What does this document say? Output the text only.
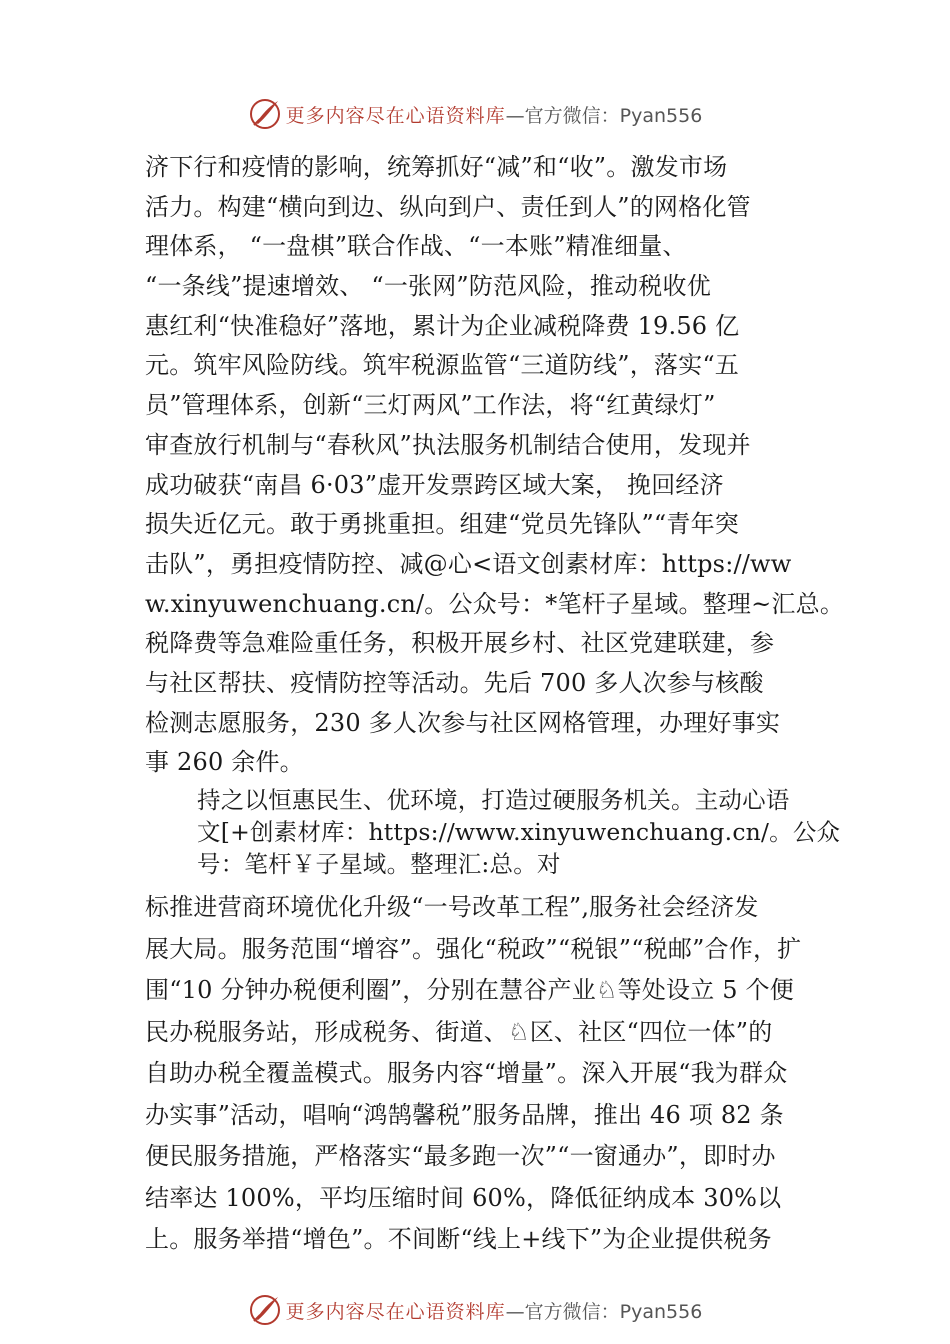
更多内容尽在心语资料库 —官方微信：Pyan556
济下行和疫情的影响，统筹抓好“减”和“收”。激发市场
活力。构建“横向到边、纵向到户、责任到人”的网格化管
理体系， “一盘棋”联合作战、“一本账”精准细量、
“一条线”提速增效、 “一张网”防范风险，推动税收优
惠红利“快准稳好”落地，累计为企业减税降费 19.56 亿
元。筑牢风险防线。筑牢税源监管“三道防线”，落实“五
员”管理体系，创新“三灯两风”工作法，将“红黄绿灯”
审查放行机制与“春秋风”执法服务机制结合使用，发现并
成功破获“南昌 6·03”虚开发票跨区域大案， 挽回经济
损失近亿元。敢于勇挑重担。组建“党员先锋队”“青年突
击队”，勇担疫情防控、减@心<语文创素材库：https://ww
w.xinyuwenchuang.cn/。公众号：*笔杆子星域。整理~汇总。
税降费等急难险重任务，积极开展乡村、社区党建联建，参
与社区帮扶、疫情防控等活动。先后 700 多人次参与核酸
检测志愿服务，230 多人次参与社区网格管理，办理好事实
事 260 余件。
持之以恒惠民生、优环境，打造过硬服务机关。主动心语
文[+创素材库：https://www.xinyuwenchuang.cn/。公众
号：笔杆￥子星域。整理汇:总。对
标推进营商环境优化升级“一号改革工程”,服务社会经济发
展大局。服务范围“增容”。强化“税政”“税银”“税邮”合作，扩
围“10 分钟办税便利圈”，分别在慧谷产业♘等处设立 5 个便
民办税服务站，形成税务、街道、♘区、社区“四位一体”的
自助办税全覆盖模式。服务内容“增量”。深入开展“我为群众
办实事”活动，唱响“鸿鹄馨税”服务品牌，推出 46 项 82 条
便民服务措施，严格落实“最多跑一次”“一窗通办”，即时办
结率达 100%，平均压缩时间 60%，降低征纳成本 30%以
上。服务举措“增色”。不间断“线上+线下”为企业提供税务
更多内容尽在心语资料库 —官方微信：Pyan556
